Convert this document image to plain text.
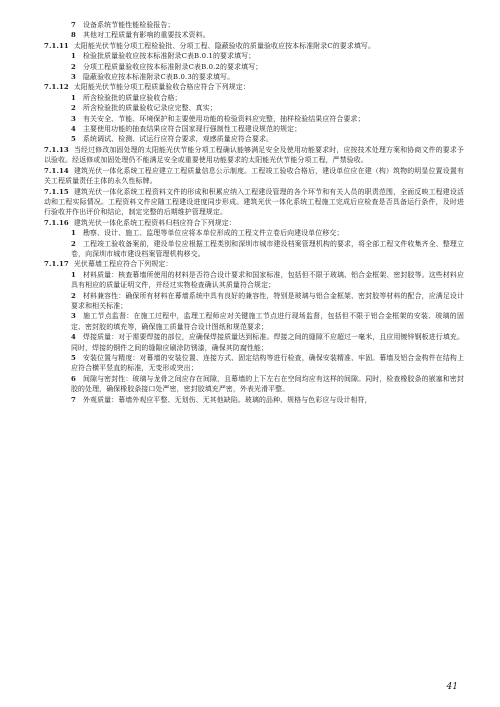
7 设备系统节能性能检验报告；
8 其他对工程质量有影响的重要技术资料。
7.1.11 太阳能光伏节能分项工程检验批、分项工程、隐蔽验收的质量验收应按本标准附录C的要求填写。
1 检验批质量验收应按本标准附录C表B.0.1的要求填写；
2 分项工程质量验收应按本标准附录C表B.0.2的要求填写；
3 隐蔽验收应按本标准附录C表B.0.3的要求填写。
7.1.12 太阳能光伏节能分项工程质量验收合格应符合下列规定：
1 所含检验批的质量应验收合格；
2 所含检验批的质量验收记录应完整、真实；
3 有关安全、节能、环境保护和主要使用功能的检验资料应完整，抽样检验结果应符合要求；
4 主要使用功能的抽查结果应符合国家现行强制性工程建设规范的规定；
5 系统调试、检测、试运行应符合要求，观感质量应符合要求。
7.1.13 当经过修改加固处理的太阳能光伏节能分项工程确认能够满足安全及使用功能要求时，应按技术处理方案和协商文件的要求予以验收。经返修或加固处理仍不能满足安全或重要使用功能要求的太阳能光伏节能分项工程，严禁验收。
7.1.14 建筑光伏一体化系统工程应建立工程质量信息公示制度。工程竣工验收合格后，建设单位应在建（构）筑物的明显位置设置有关工程质量责任主体的永久性标牌。
7.1.15 建筑光伏一体化系统工程资料文件的形成和积累应纳入工程建设管理的各个环节和有关人员的职责范围，全面反映工程建设活动和工程实际情况。工程资料文件应随工程建设进度同步形成。建筑光伏一体化系统工程施工完成后应检查是否具备运行条件，及时进行验收并作出评价和结论，制定完整的后期维护管理规定。
7.1.16 建筑光伏一体化系统工程资料归档应符合下列规定：
1 勘察、设计、施工、监理等单位应将本单位形成的工程文件立卷后向建设单位移交；
2 工程竣工验收备案前，建设单位应根据工程类别和深圳市城市建设档案管理机构的要求，将全部工程文件收集齐全、整理立卷，向深圳市城市建设档案管理机构移交。
7.1.17 光伏幕墙工程应符合下列规定：
1 材料质量：核查幕墙所使用的材料是否符合设计要求和国家标准，包括但不限于玻璃、铝合金框架、密封胶等。这些材料应具有相应的质量证明文件，并经过实物检查确认其质量符合规定；
2 材料兼容性：确保所有材料在幕墙系统中具有良好的兼容性，特别是玻璃与铝合金框架、密封胶等材料的配合，应满足设计要求和相关标准；
3 施工节点监督：在施工过程中，监理工程师应对关键施工节点进行现场监督，包括但不限于铝合金框架的安装、玻璃的固定、密封胶的填充等，确保施工质量符合设计图纸和规范要求；
4 焊接质量：对于需要焊接的部位，应确保焊接质量达到标准。焊接之间的缝隙不应超过一毫米，且应用镀锌钢板进行填充。同时，焊接的钢件之间的缝隙应刷涂防锈漆，确保其防腐性能；
5 安装位置与精度：对幕墙的安装位置、连接方式、固定结构等进行检查，确保安装精准、牢固。幕墙及铝合金构件在结构上应符合横平竖直的标准，无变形或突出；
6 间隙与密封性：玻璃与龙骨之间应存在间隙，且幕墙的上下左右在空间均应有这样的间隙。同时，检查橡胶条的嵌塞和密封胶的处理，确保橡胶条接口处严密，密封胶填充严密，外表光滑平整。
7 外观质量：幕墙外观应平整、无划伤、无其他缺陷。玻璃的品种、规格与色彩应与设计相符，
41
